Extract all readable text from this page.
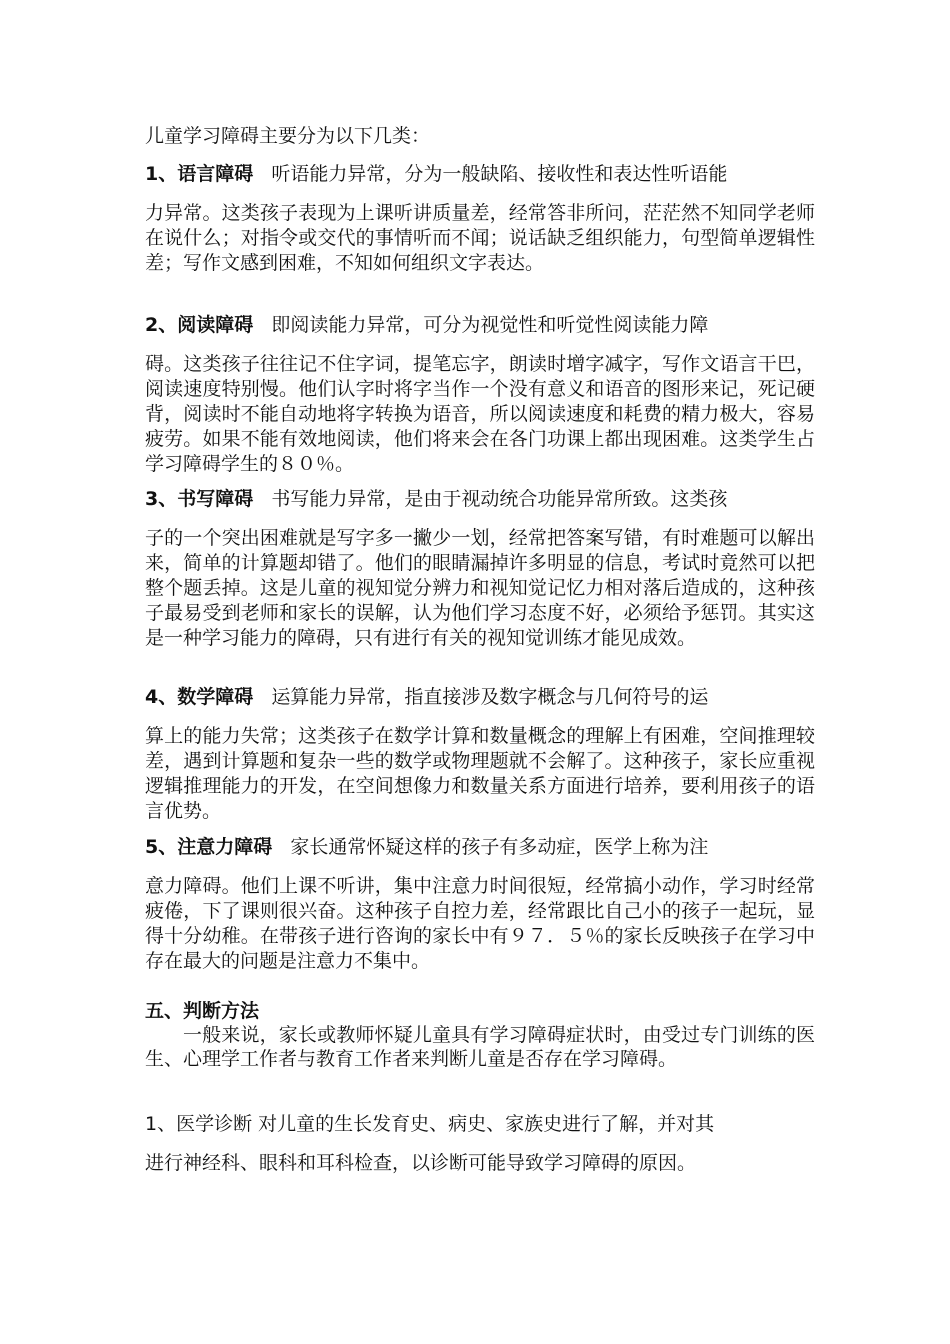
儿童学习障碍主要分为以下几类：

1、语言障碍 听语能力异常，分为一般缺陷、接收性和表达性听语能
力异常。这类孩子表现为上课听讲质量差，经常答非所问，茫茫然不知同学老师在说什么；对指令或交代的事情听而不闻；说话缺乏组织能力，句型简单逻辑性差；写作文感到困难，不知如何组织文字表达。
2、阅读障碍 即阅读能力异常，可分为视觉性和听觉性阅读能力障
碍。这类孩子往往记不住字词，提笔忘字，朗读时增字减字，写作文语言干巴，阅读速度特别慢。他们认字时将字当作一个没有意义和语音的图形来记，死记硬背，阅读时不能自动地将字转换为语音，所以阅读速度和耗费的精力极大，容易疲劳。如果不能有效地阅读，他们将来会在各门功课上都出现困难。这类学生占学习障碍学生的８０％。
3、书写障碍 书写能力异常，是由于视动统合功能异常所致。这类孩
子的一个突出困难就是写字多一撇少一划，经常把答案写错，有时难题可以解出来，简单的计算题却错了。他们的眼睛漏掉许多明显的信息，考试时竟然可以把整个题丢掉。这是儿童的视知觉分辨力和视知觉记忆力相对落后造成的，这种孩子最易受到老师和家长的误解，认为他们学习态度不好，必须给予惩罚。其实这是一种学习能力的障碍，只有进行有关的视知觉训练才能见成效。
4、数学障碍 运算能力异常，指直接涉及数字概念与几何符号的运
算上的能力失常；这类孩子在数学计算和数量概念的理解上有困难，空间推理较差，遇到计算题和复杂一些的数学或物理题就不会解了。这种孩子，家长应重视逻辑推理能力的开发，在空间想像力和数量关系方面进行培养，要利用孩子的语言优势。
5、注意力障碍 家长通常怀疑这样的孩子有多动症，医学上称为注
意力障碍。他们上课不听讲，集中注意力时间很短，经常搞小动作，学习时经常疲倦，下了课则很兴奋。这种孩子自控力差，经常跟比自己小的孩子一起玩，显得十分幼稚。在带孩子进行咨询的家长中有９７．５％的家长反映孩子在学习中存在最大的问题是注意力不集中。

五、判断方法

一般来说，家长或教师怀疑儿童具有学习障碍症状时，由受过专门训练的医生、心理学工作者与教育工作者来判断儿童是否存在学习障碍。

1、医学诊断 对儿童的生长发育史、病史、家族史进行了解，并对其
进行神经科、眼科和耳科检查，以诊断可能导致学习障碍的原因。
